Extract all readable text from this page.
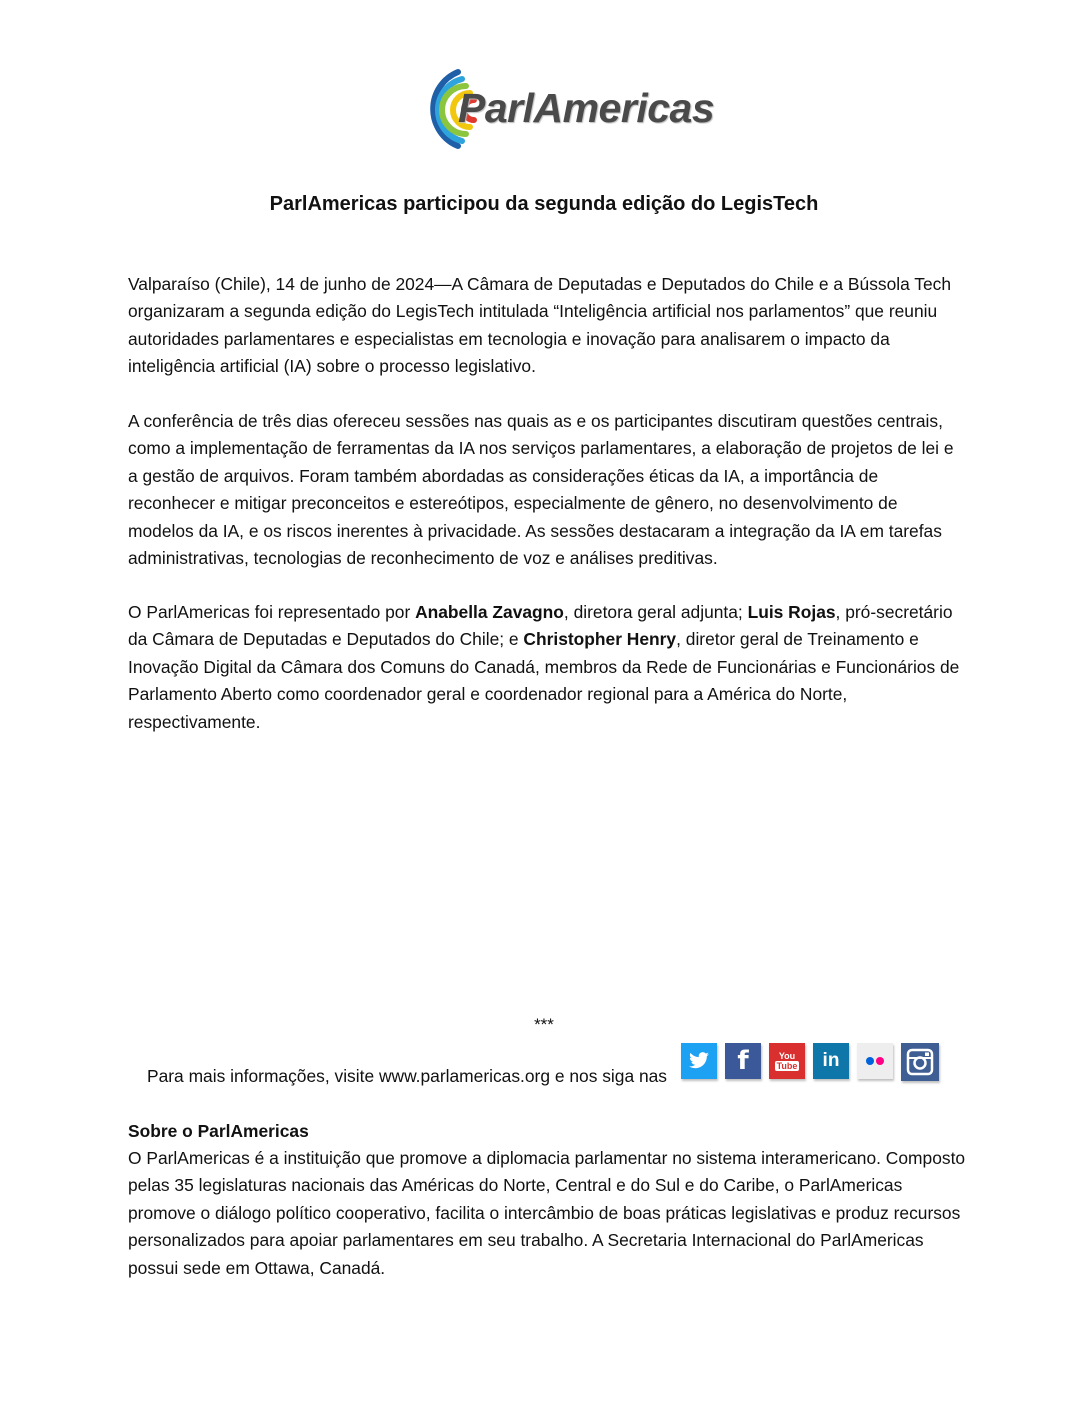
ParlAmericas
ParlAmericas participou da segunda edição do LegisTech

Valparaíso (Chile), 14 de junho de 2024—A Câmara de Deputadas e Deputados do Chile e a Bússola Tech organizaram a segunda edição do LegisTech intitulada “Inteligência artificial nos parlamentos” que reuniu autoridades parlamentares e especialistas em tecnologia e inovação para analisarem o impacto da inteligência artificial (IA) sobre o processo legislativo.

A conferência de três dias ofereceu sessões nas quais as e os participantes discutiram questões centrais, como a implementação de ferramentas da IA nos serviços parlamentares, a elaboração de projetos de lei e a gestão de arquivos. Foram também abordadas as considerações éticas da IA, a importância de reconhecer e mitigar preconceitos e estereótipos, especialmente de gênero, no desenvolvimento de modelos da IA, e os riscos inerentes à privacidade. As sessões destacaram a integração da IA em tarefas administrativas, tecnologias de reconhecimento de voz e análises preditivas.

O ParlAmericas foi representado por Anabella Zavagno, diretora geral adjunta; Luis Rojas, pró-secretário da Câmara de Deputadas e Deputados do Chile; e Christopher Henry, diretor geral de Treinamento e Inovação Digital da Câmara dos Comuns do Canadá, membros da Rede de Funcionárias e Funcionários de Parlamento Aberto como coordenador geral e coordenador regional para a América do Norte, respectivamente.

***
Para mais informações, visite www.parlamericas.org e nos siga nas	f	You
Tube	in
Sobre o ParlAmericas

O ParlAmericas é a instituição que promove a diplomacia parlamentar no sistema interamericano. Composto pelas 35 legislaturas nacionais das Américas do Norte, Central e do Sul e do Caribe, o ParlAmericas promove o diálogo político cooperativo, facilita o intercâmbio de boas práticas legislativas e produz recursos personalizados para apoiar parlamentares em seu trabalho. A Secretaria Internacional do ParlAmericas possui sede em Ottawa, Canadá.
